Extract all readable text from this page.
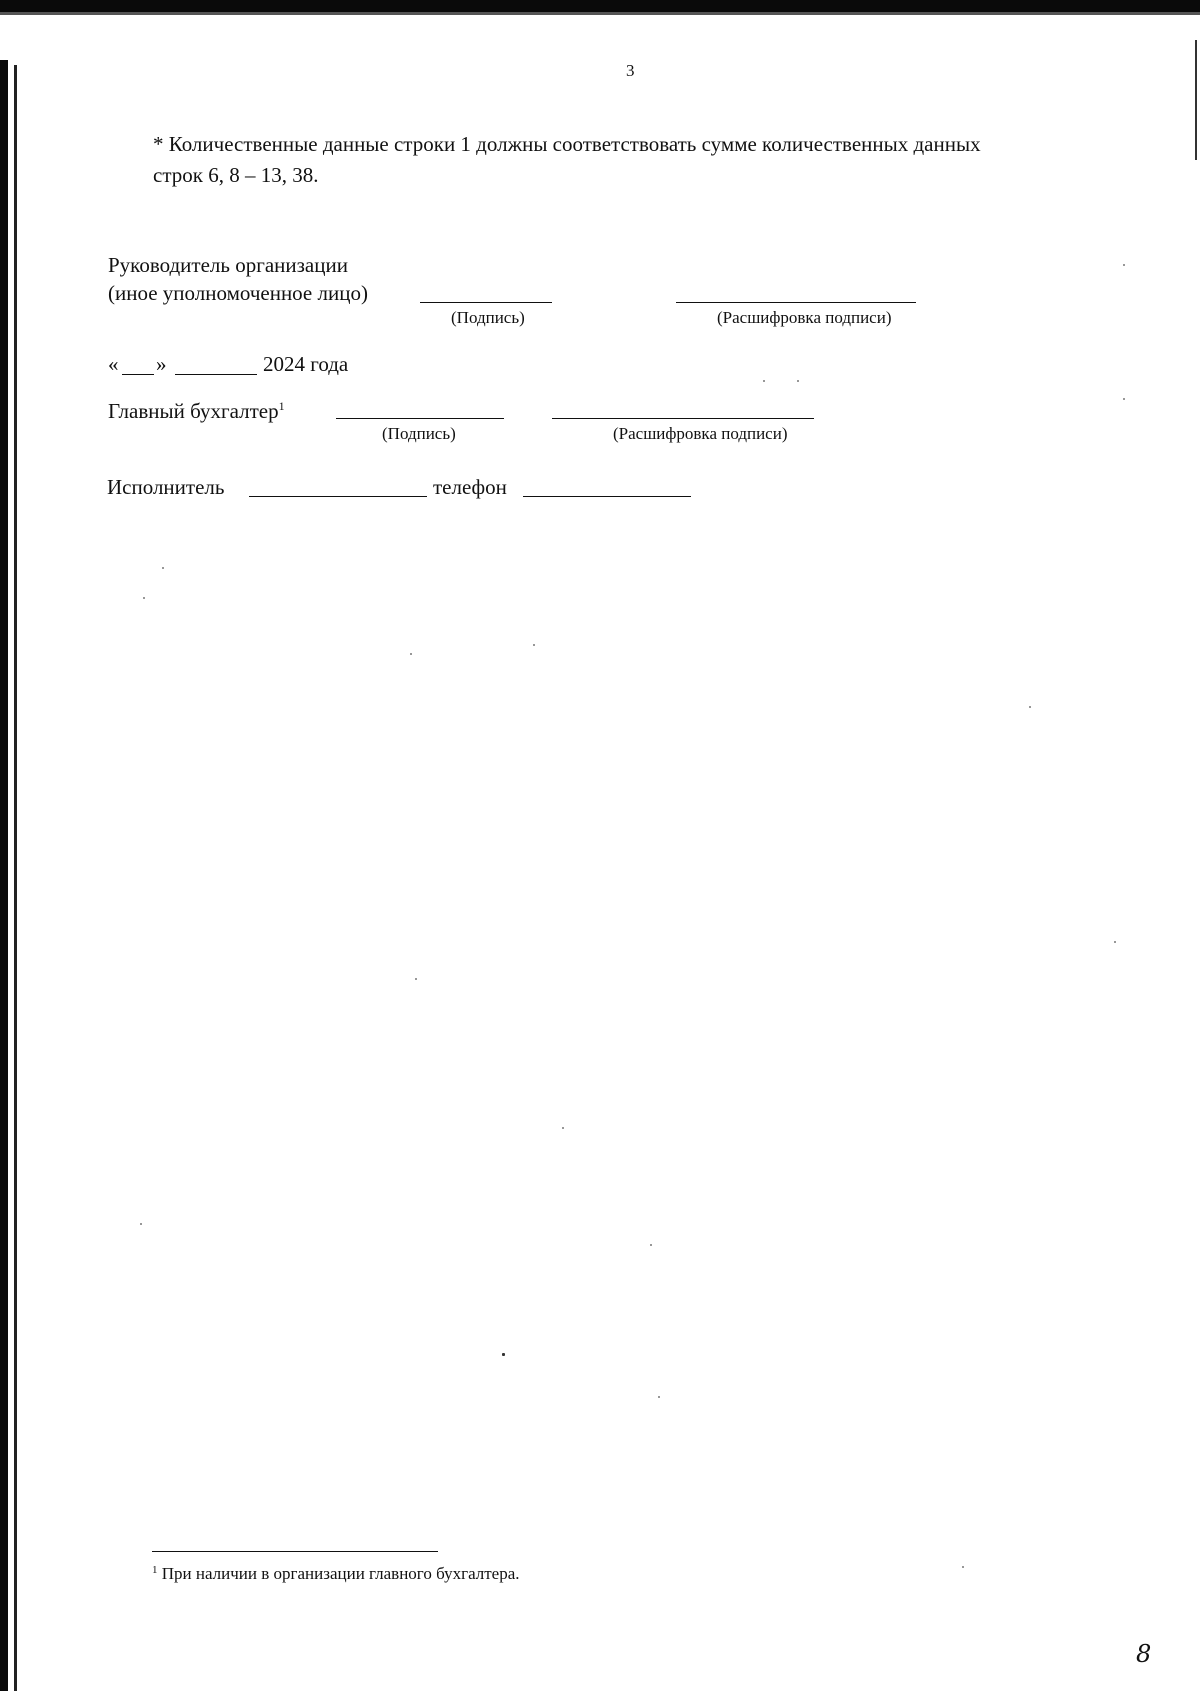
3
* Количественные данные строки 1 должны соответствовать сумме количественных данных
строк 6, 8 – 13, 38.
Руководитель организации
(иное уполномоченное лицо)
(Подпись)	(Расшифровка подписи)
« »	2024 года
Главный бухгалтер$^1$
(Подпись)	(Расшифровка подписи)
Исполнитель	телефон
$^1$ При наличии в организации главного бухгалтера.
8
